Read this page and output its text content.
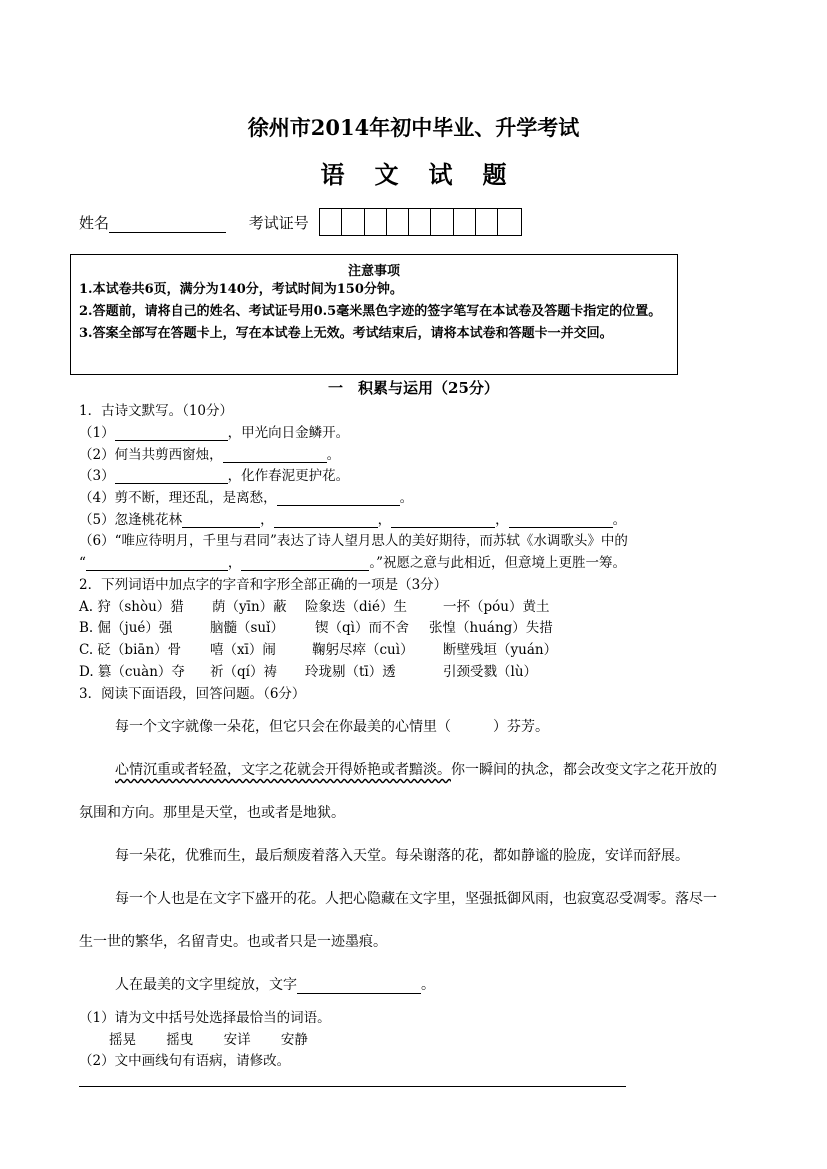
徐州市2014年初中毕业、升学考试
语文试题
姓名	考试证号
注意事项
1.本试卷共6页，满分为140分，考试时间为150分钟。
2.答题前，请将自己的姓名、考试证号用0.5毫米黑色字迹的签字笔写在本试卷及答题卡指定的位置。
3.答案全部写在答题卡上，写在本试卷上无效。考试结束后，请将本试卷和答题卡一并交回。
一　积累与运用（25分）
1．古诗文默写。（10分）
（1）	，甲光向日金鳞开。
（2）何当共剪西窗烛，	。
（3）	，化作春泥更护花。
（4）剪不断，理还乱，是离愁，	。
（5）忽逢桃花林	，	，	，	。
（6）“唯应待明月，千里与君同”表达了诗人望月思人的美好期待，而苏轼《水调歌头》中的
“	，	。”祝愿之意与此相近，但意境上更胜一筹。
2．下列词语中加点字的字音和字形全部正确的一项是（3分）
A. 狩（shòu）猎 荫（yīn）蔽 险象迭（dié）生	一抔（póu）黄土
B. 倔（jué）强	脑髓（suǐ） 锲（qì）而不舍 张惶（huáng）失措
C. 砭（biān）骨 嘻（xī）闹	鞠躬尽瘁（cuì） 断壁残垣（yuán）
D. 篡（cuàn）夺 祈（qí）祷 玲珑剔（tī）透	引颈受戮（lù）
3．阅读下面语段，回答问题。（6分）
每一个文字就像一朵花，但它只会在你最美的心情里（　　　）芬芳。
心情沉重或者轻盈，文字之花就会开得娇艳或者黯淡。你一瞬间的执念，都会改变文字之花开放的
氛围和方向。那里是天堂，也或者是地狱。
每一朵花，优雅而生，最后颓废着落入天堂。每朵谢落的花，都如静谧的脸庞，安详而舒展。
每一个人也是在文字下盛开的花。人把心隐藏在文字里，坚强抵御风雨，也寂寞忍受凋零。落尽一
生一世的繁华，名留青史。也或者只是一迹墨痕。
人在最美的文字里绽放，文字	。
（1）请为文中括号处选择最恰当的词语。
摇晃 摇曳 安详 安静
（2）文中画线句有语病，请修改。
